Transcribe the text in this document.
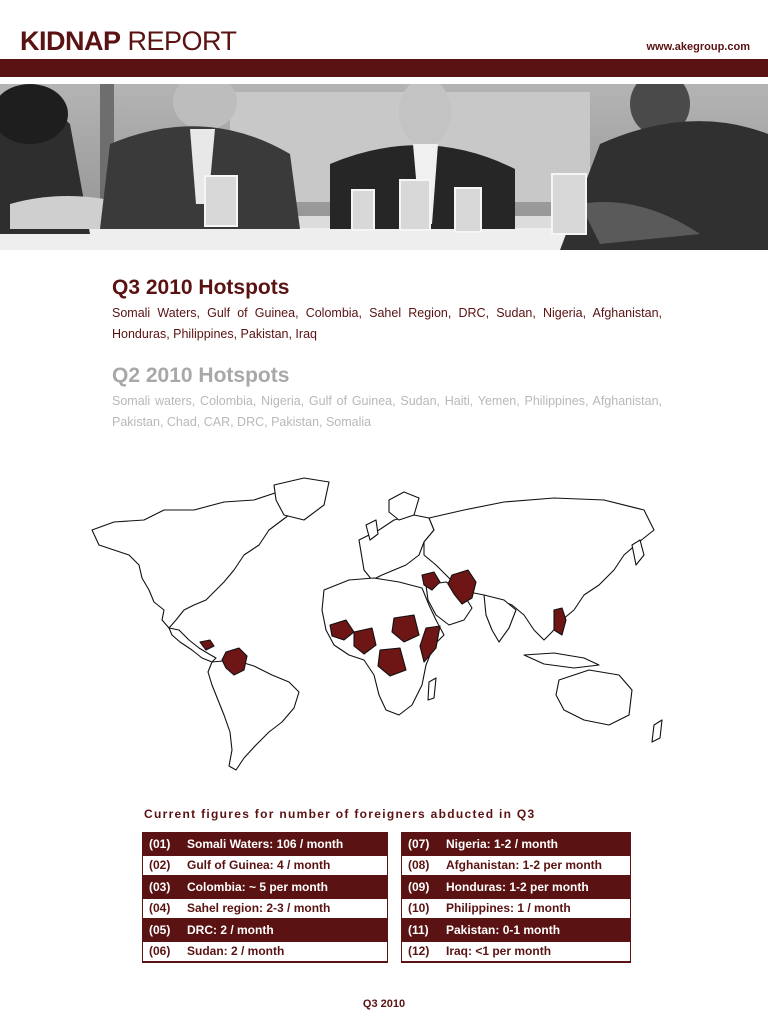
KIDNAP REPORT	www.akegroup.com
Q3 2010 Hotspots
Somali Waters, Gulf of Guinea, Colombia, Sahel Region, DRC, Sudan, Nigeria, Afghanistan, Honduras, Philippines, Pakistan, Iraq
Q2 2010 Hotspots
Somali waters, Colombia, Nigeria, Gulf of Guinea, Sudan, Haiti, Yemen, Philippines, Afghanistan, Pakistan, Chad, CAR, DRC, Pakistan, Somalia
Current figures for number of foreigners abducted in Q3
(01)	Somali Waters: 106 / month
(02)	Gulf of Guinea: 4 / month
(03)	Colombia: ~ 5 per month
(04)	Sahel region: 2-3 / month
(05)	DRC: 2 / month
(06)	Sudan: 2 / month
(07)	Nigeria: 1-2 / month
(08)	Afghanistan: 1-2 per month
(09)	Honduras: 1-2 per month
(10)	Philippines: 1 / month
(11)	Pakistan: 0-1 month
(12)	Iraq: <1 per month
Q3 2010
